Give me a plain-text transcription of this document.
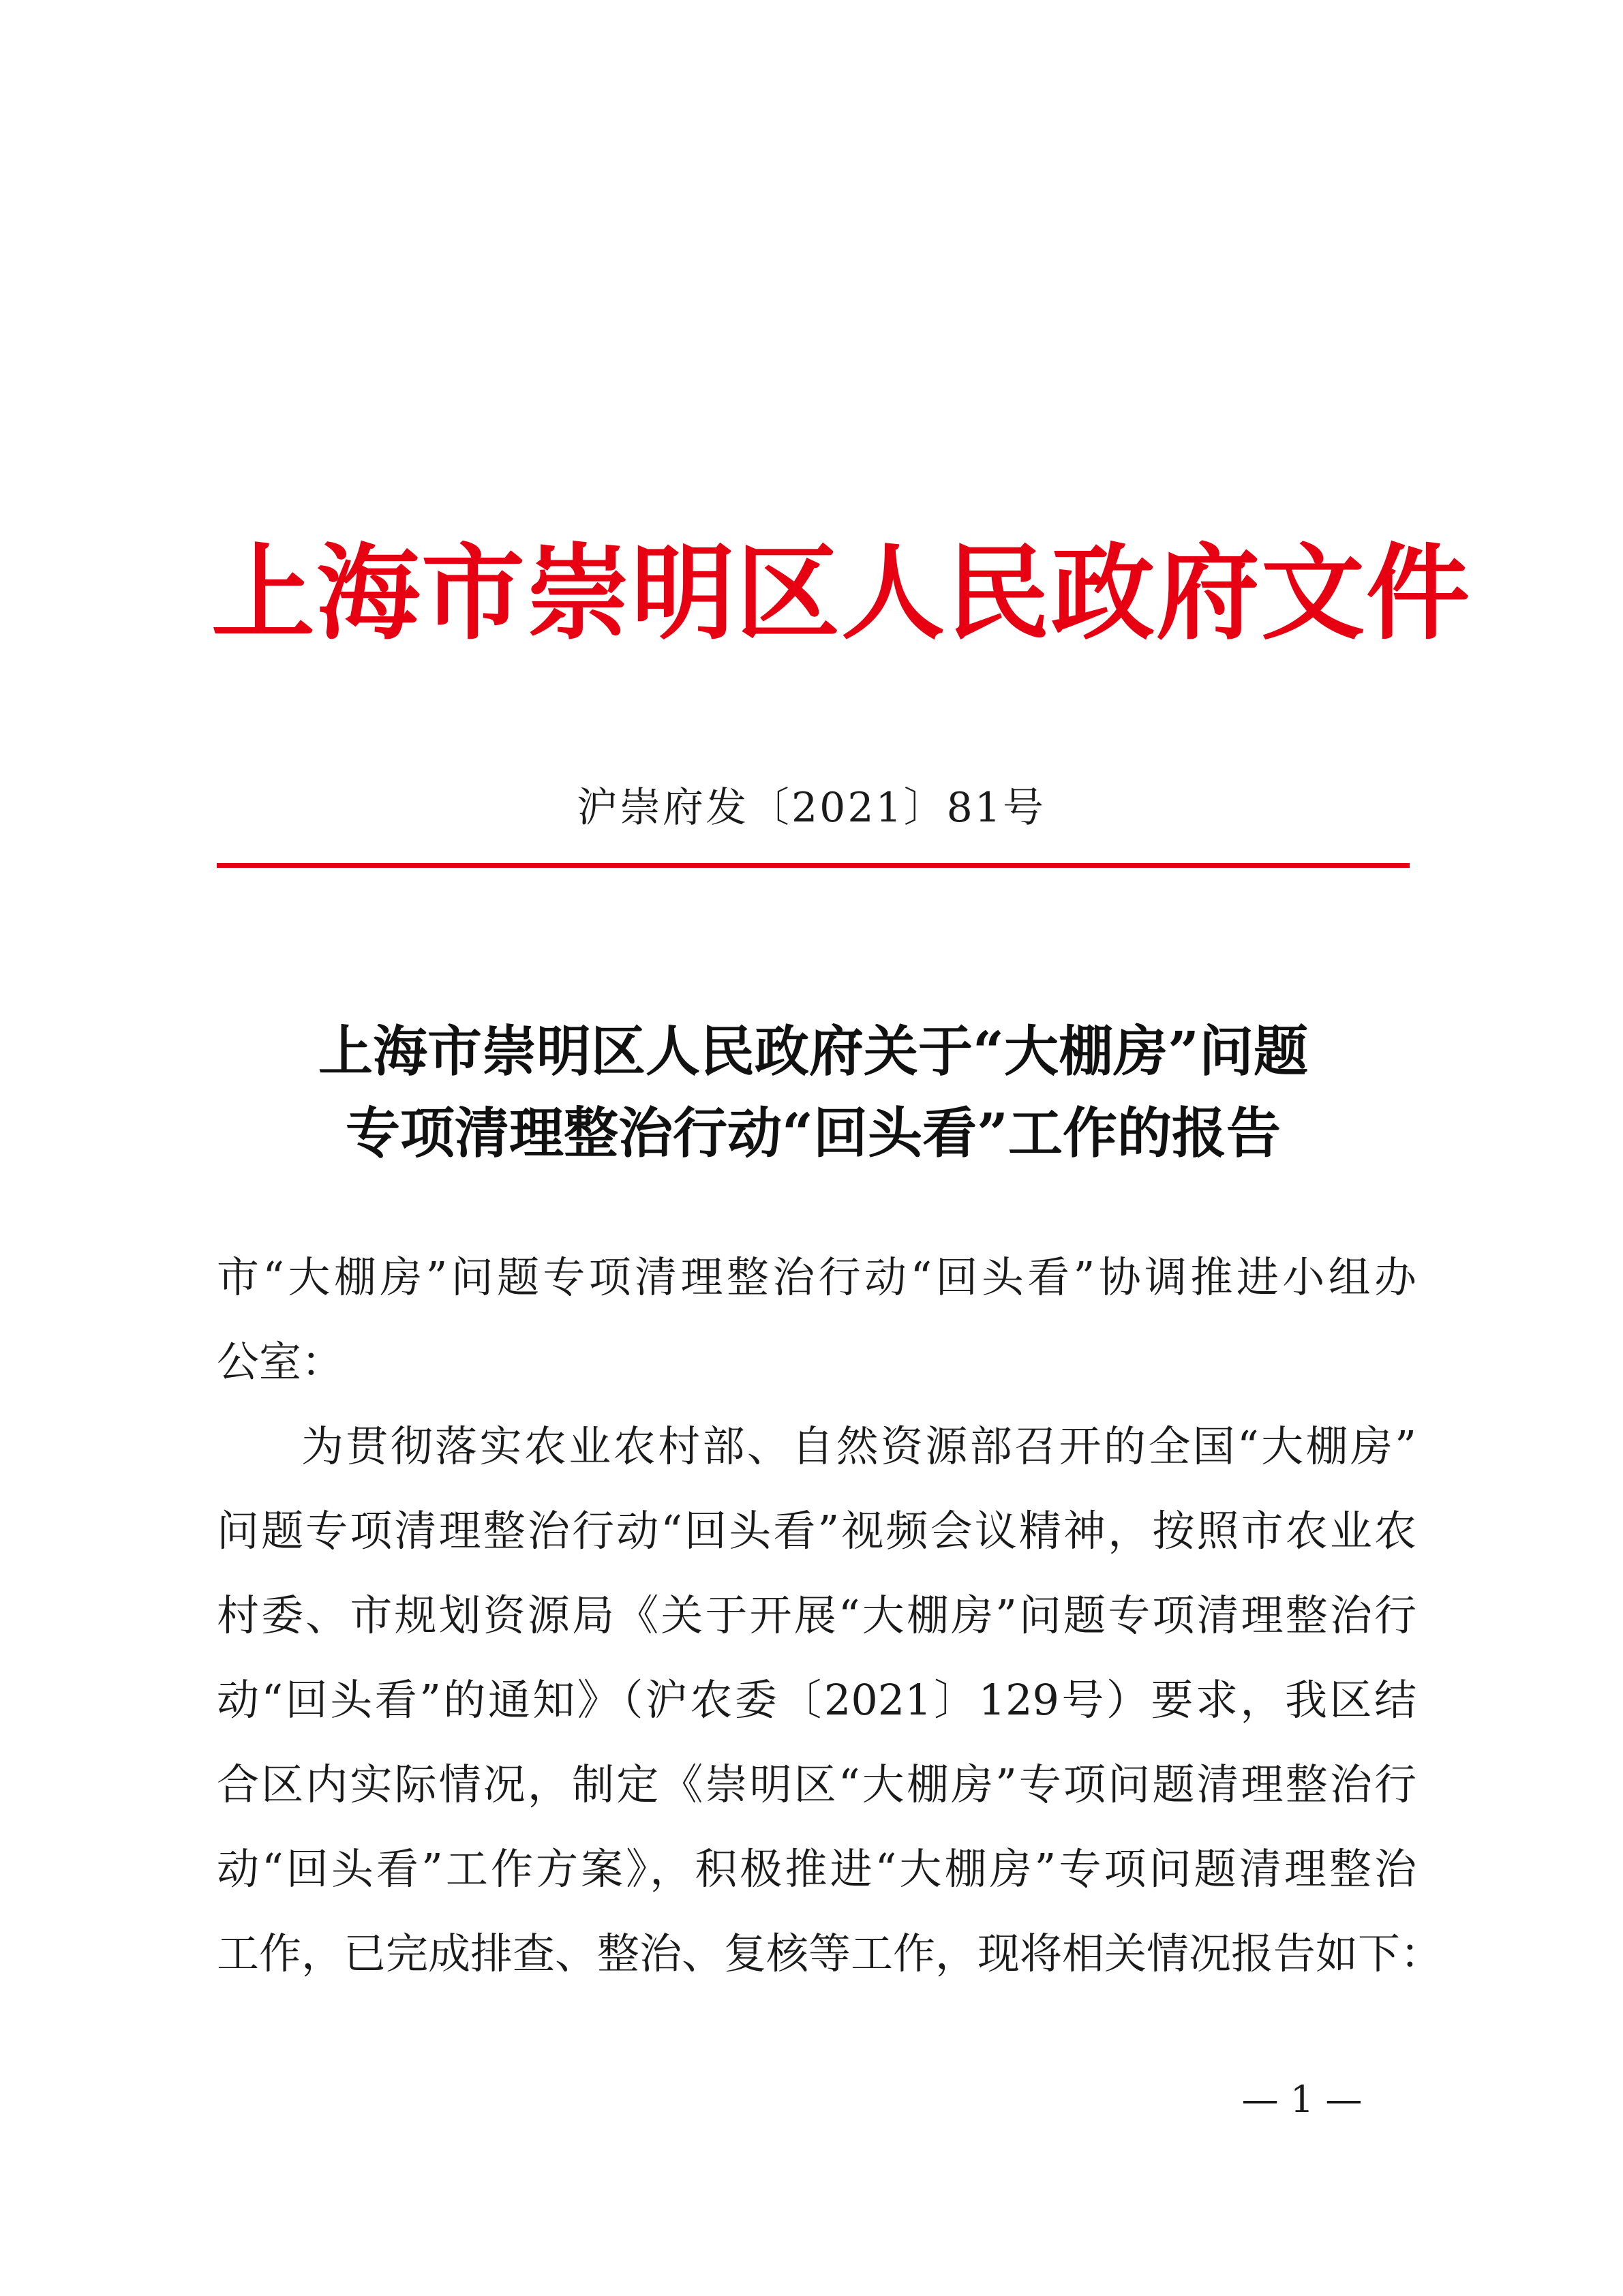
上海市崇明区人民政府文件
沪崇府发〔2021〕81号
上海市崇明区人民政府关于“大棚房”问题
专项清理整治行动“回头看”工作的报告
市“大棚房”问题专项清理整治行动“回头看”协调推进小组办
公室：
为贯彻落实农业农村部、自然资源部召开的全国“大棚房”
问题专项清理整治行动“回头看”视频会议精神，按照市农业农
村委、市规划资源局《关于开展“大棚房”问题专项清理整治行
动“回头看”的通知》（沪农委〔2021〕129号）要求，我区结
合区内实际情况，制定《崇明区“大棚房”专项问题清理整治行
动“回头看”工作方案》，积极推进“大棚房”专项问题清理整治
工作，已完成排查、整治、复核等工作，现将相关情况报告如下：
— 1 —
